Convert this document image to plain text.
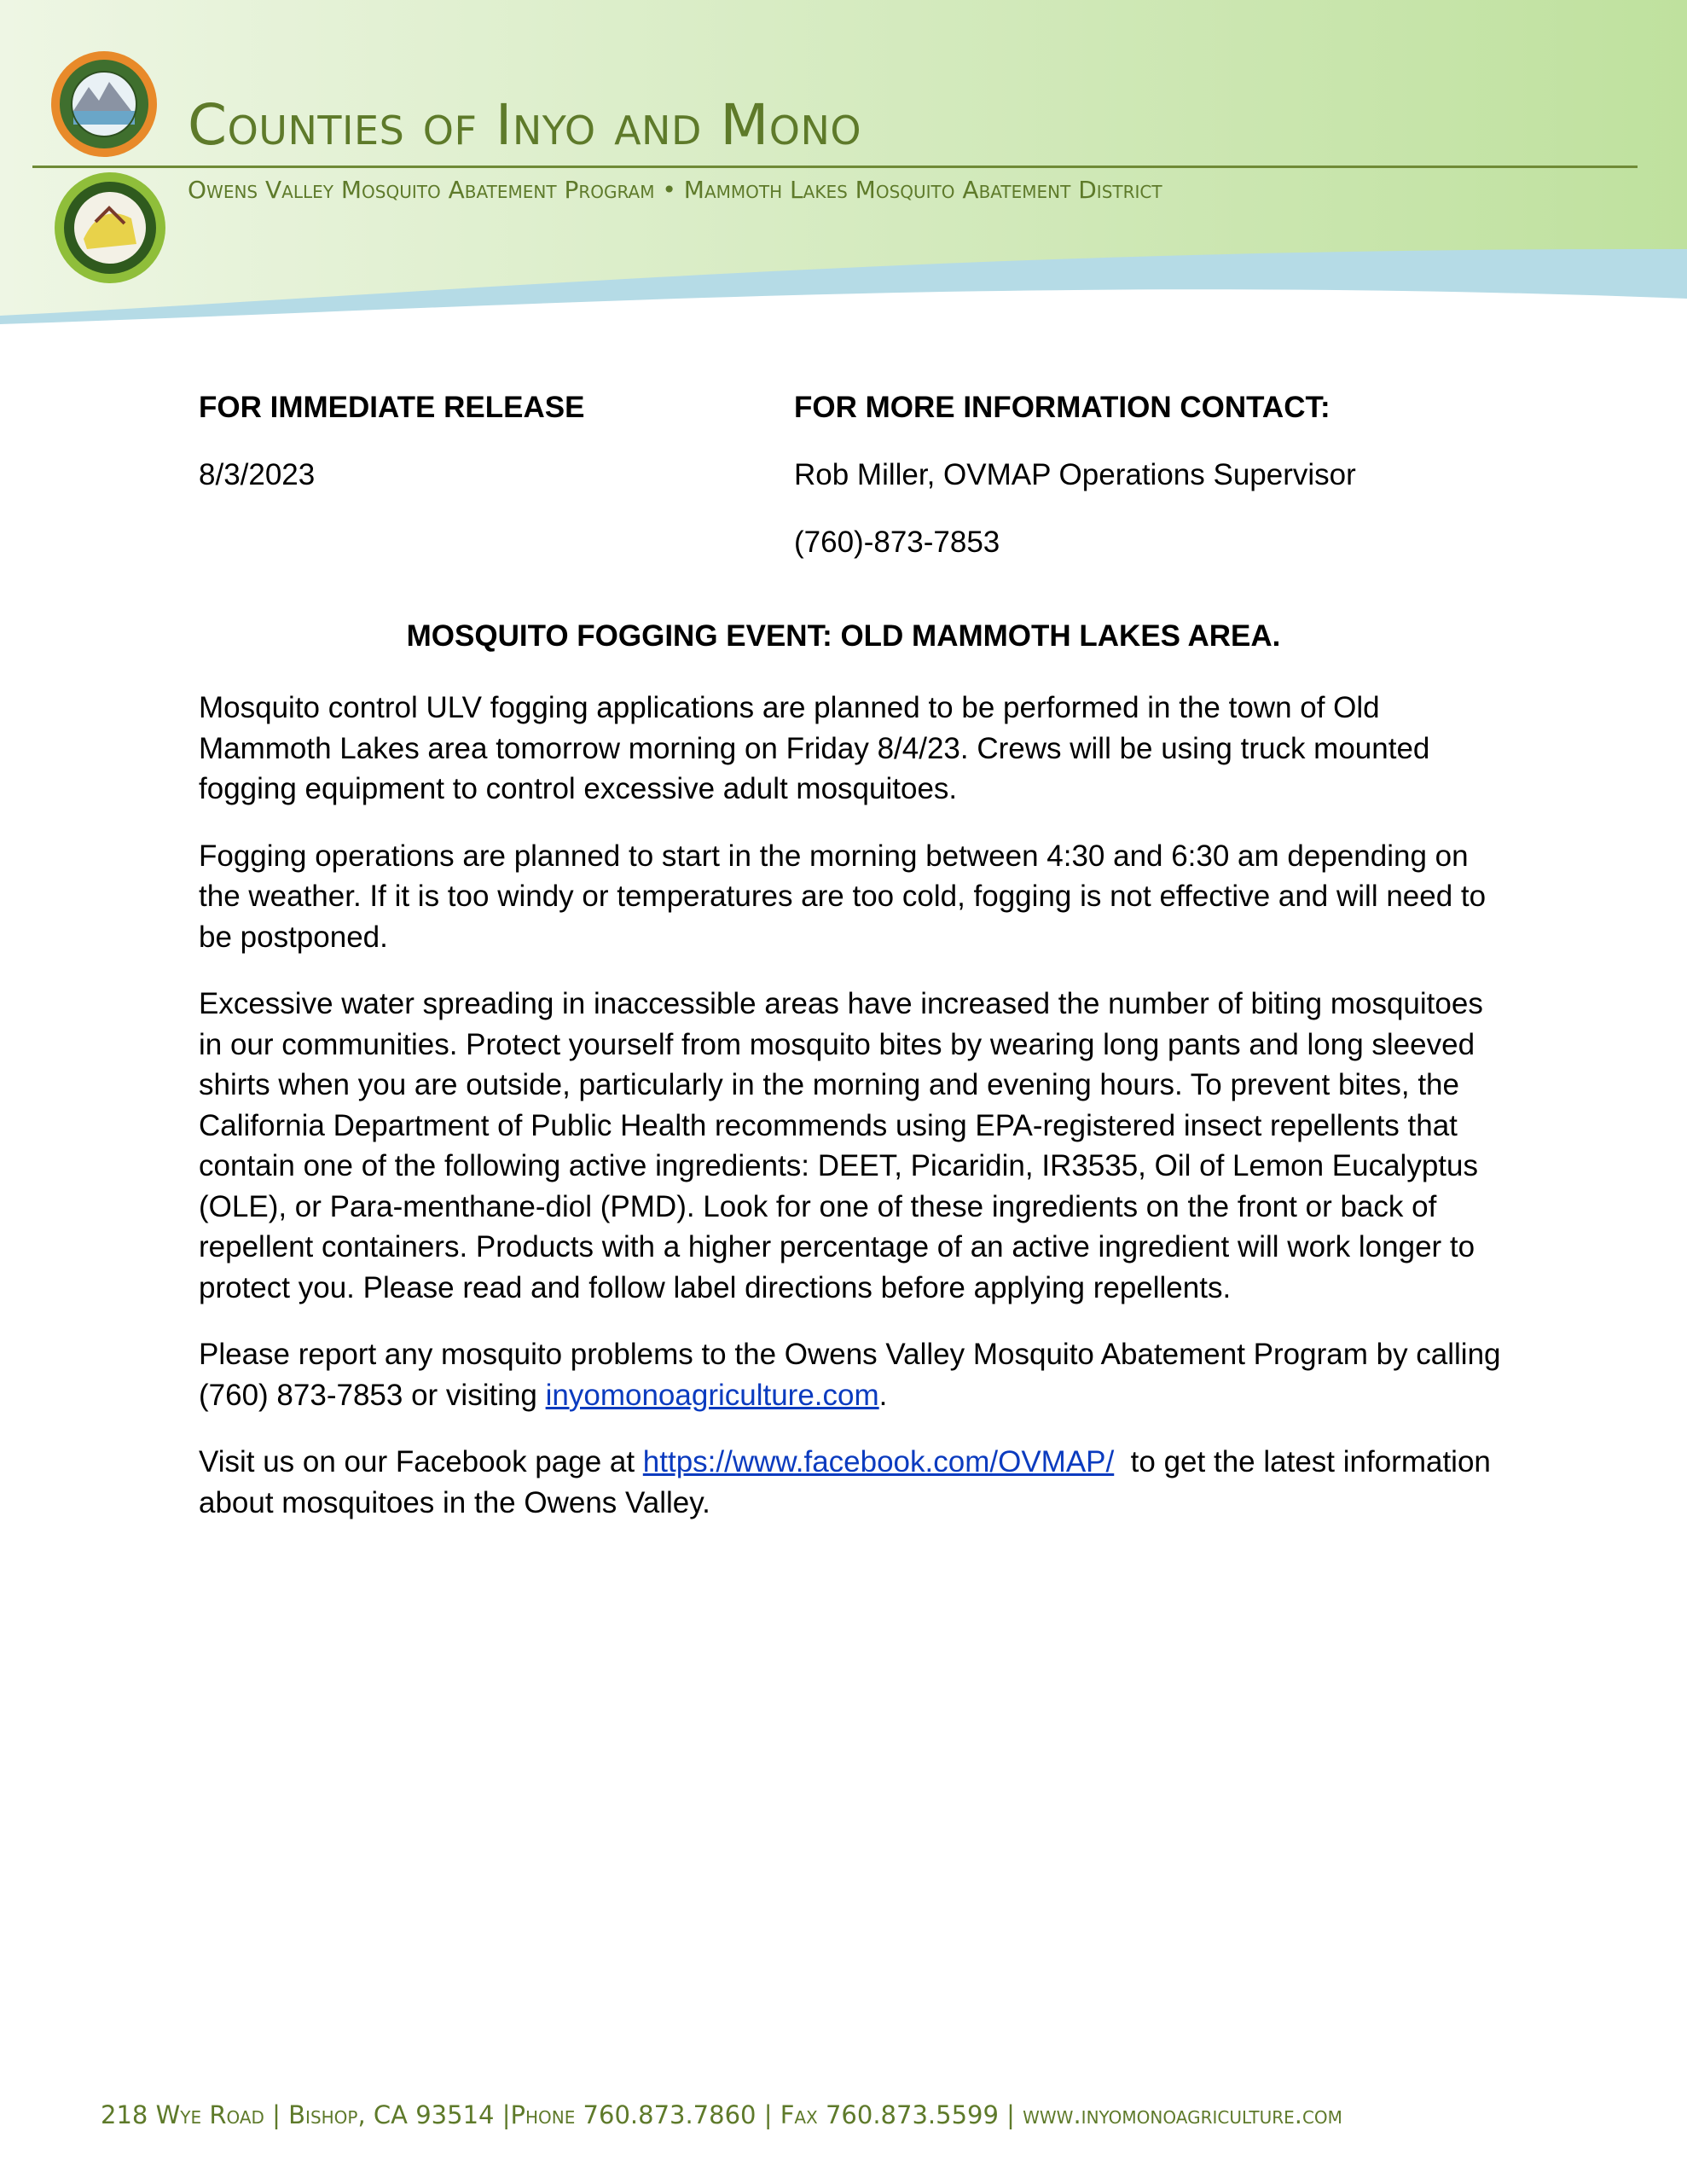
Counties of Inyo and Mono
Owens Valley Mosquito Abatement Program • Mammoth Lakes Mosquito Abatement District
FOR IMMEDIATE RELEASE
8/3/2023
FOR MORE INFORMATION CONTACT:
Rob Miller, OVMAP Operations Supervisor
(760)-873-7853
MOSQUITO FOGGING EVENT: OLD MAMMOTH LAKES AREA.

Mosquito control ULV fogging applications are planned to be performed in the town of Old Mammoth Lakes area tomorrow morning on Friday 8/4/23. Crews will be using truck mounted fogging equipment to control excessive adult mosquitoes.

Fogging operations are planned to start in the morning between 4:30 and 6:30 am depending on the weather. If it is too windy or temperatures are too cold, fogging is not effective and will need to be postponed.

Excessive water spreading in inaccessible areas have increased the number of biting mosquitoes in our communities. Protect yourself from mosquito bites by wearing long pants and long sleeved shirts when you are outside, particularly in the morning and evening hours. To prevent bites, the California Department of Public Health recommends using EPA-registered insect repellents that contain one of the following active ingredients: DEET, Picaridin, IR3535, Oil of Lemon Eucalyptus (OLE), or Para-menthane-diol (PMD). Look for one of these ingredients on the front or back of repellent containers. Products with a higher percentage of an active ingredient will work longer to protect you. Please read and follow label directions before applying repellents.

Please report any mosquito problems to the Owens Valley Mosquito Abatement Program by calling (760) 873-7853 or visiting inyomonoagriculture.com.

Visit us on our Facebook page at https://www.facebook.com/OVMAP/  to get the latest information about mosquitoes in the Owens Valley.

218 Wye Road | Bishop, CA 93514 |Phone 760.873.7860 | Fax 760.873.5599 | www.inyomonoagriculture.com
